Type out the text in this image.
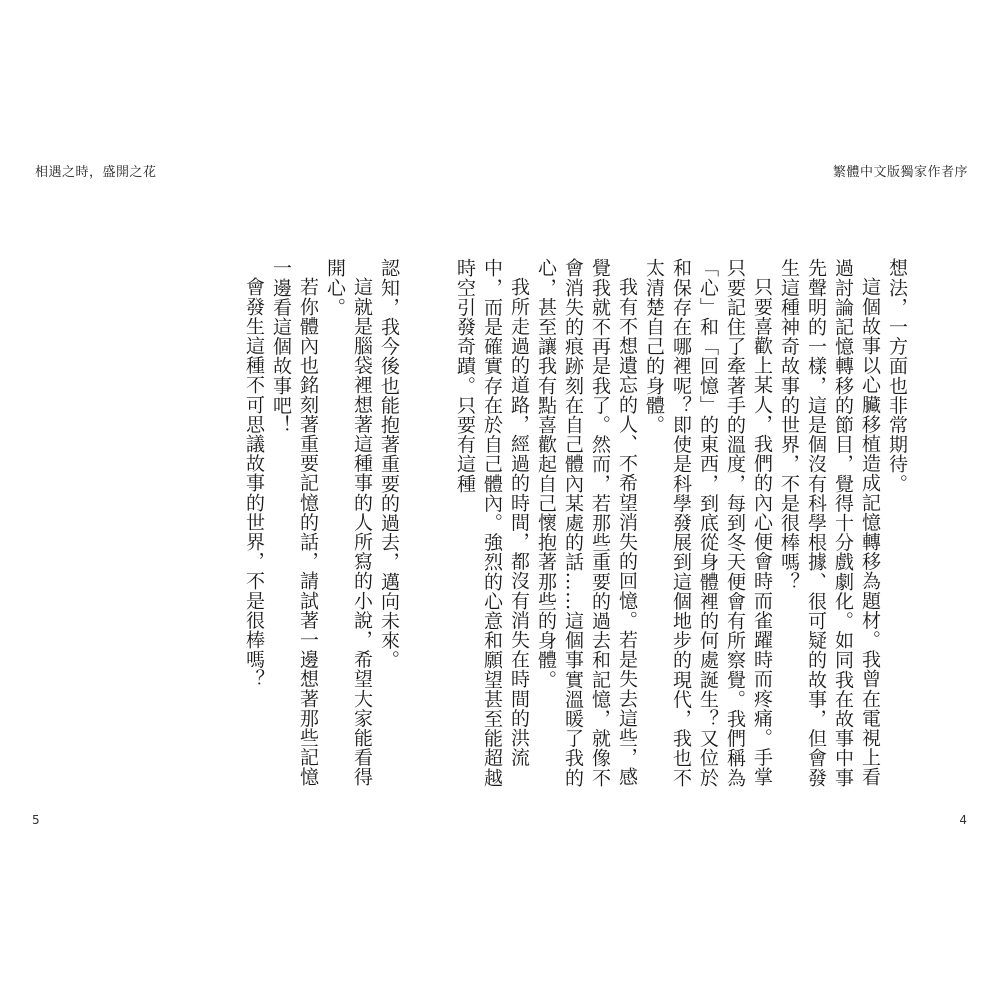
相遇之時，盛開之花

認知，我今後也能抱著重要的過去，邁向未來。

這就是腦袋裡想著這種事的人所寫的小說，希望大家能看得開心。

若你體內也銘刻著重要記憶的話，請試著一邊想著那些記憶一邊看這個故事吧！

會發生這種不可思議故事的世界，不是很棒嗎？

5
繁體中文版獨家作者序

想法，一方面也非常期待。

這個故事以心臟移植造成記憶轉移為題材。我曾在電視上看過討論記憶轉移的節目，覺得十分戲劇化。如同我在故事中事先聲明的一樣，這是個沒有科學根據、很可疑的故事，但會發生這種神奇故事的世界，不是很棒嗎？

只要喜歡上某人，我們的內心便會時而雀躍時而疼痛。手掌只要記住了牽著手的溫度，每到冬天便會有所察覺。我們稱為「心」和「回憶」的東西，到底從身體裡的何處誕生？又位於和保存在哪裡呢？即使是科學發展到這個地步的現代，我也不太清楚自己的身體。

我有不想遺忘的人、不希望消失的回憶。若是失去這些，感覺我就不再是我了。然而，若那些重要的過去和記憶，就像不會消失的痕跡刻在自己體內某處的話……這個事實溫暖了我的心，甚至讓我有點喜歡起自己懷抱著那些的身體。

我所走過的道路，經過的時間，都沒有消失在時間的洪流中，而是確實存在於自己體內。強烈的心意和願望甚至能超越時空引發奇蹟。只要有這種

4
